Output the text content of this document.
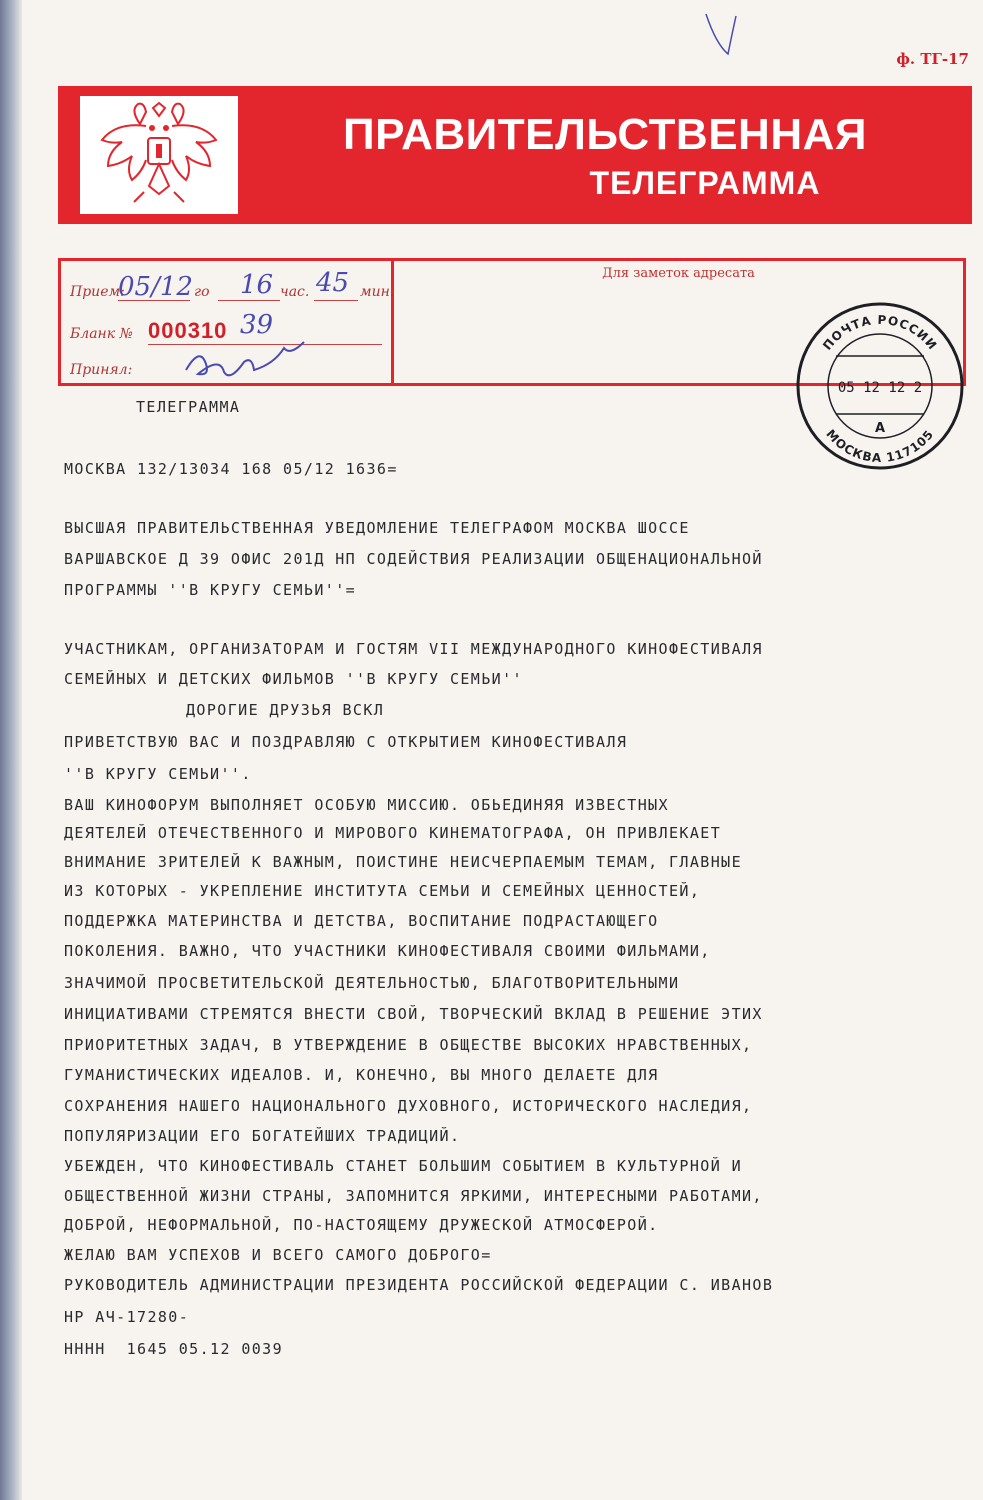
ф. ТГ-17
ПРАВИТЕЛЬСТВЕННАЯ
ТЕЛЕГРАММА
Прием:
05/12 го 16 час. 45 мин.
Бланк № 000310 39
Принял:
Для заметок адресата
ПОЧТА РОССИИ
МОСКВА 117105
05 12 12 2
А
ТЕЛЕГРАММА
МОСКВА 132/13034 168 05/12 1636=
ВЫСШАЯ ПРАВИТЕЛЬСТВЕННАЯ УВЕДОМЛЕНИЕ ТЕЛЕГРАФОМ МОСКВА ШОССЕ
ВАРШАВСКОЕ Д 39 ОФИС 201Д НП СОДЕЙСТВИЯ РЕАЛИЗАЦИИ ОБЩЕНАЦИОНАЛЬНОЙ
ПРОГРАММЫ ''В КРУГУ СЕМЬИ''=
УЧАСТНИКАМ, ОРГАНИЗАТОРАМ И ГОСТЯМ VII МЕЖДУНАРОДНОГО КИНОФЕСТИВАЛЯ
СЕМЕЙНЫХ И ДЕТСКИХ ФИЛЬМОВ ''В КРУГУ СЕМЬИ''
ДОРОГИЕ ДРУЗЬЯ ВСКЛ
ПРИВЕТСТВУЮ ВАС И ПОЗДРАВЛЯЮ С ОТКРЫТИЕМ КИНОФЕСТИВАЛЯ
''В КРУГУ СЕМЬИ''.
ВАШ КИНОФОРУМ ВЫПОЛНЯЕТ ОСОБУЮ МИССИЮ. ОБЬЕДИНЯЯ ИЗВЕСТНЫХ
ДЕЯТЕЛЕЙ ОТЕЧЕСТВЕННОГО И МИРОВОГО КИНЕМАТОГРАФА, ОН ПРИВЛЕКАЕТ
ВНИМАНИЕ ЗРИТЕЛЕЙ К ВАЖНЫМ, ПОИСТИНЕ НЕИСЧЕРПАЕМЫМ ТЕМАМ, ГЛАВНЫЕ
ИЗ КОТОРЫХ - УКРЕПЛЕНИЕ ИНСТИТУТА СЕМЬИ И СЕМЕЙНЫХ ЦЕННОСТЕЙ,
ПОДДЕРЖКА МАТЕРИНСТВА И ДЕТСТВА, ВОСПИТАНИЕ ПОДРАСТАЮЩЕГО
ПОКОЛЕНИЯ. ВАЖНО, ЧТО УЧАСТНИКИ КИНОФЕСТИВАЛЯ СВОИМИ ФИЛЬМАМИ,
ЗНАЧИМОЙ ПРОСВЕТИТЕЛЬСКОЙ ДЕЯТЕЛЬНОСТЬЮ, БЛАГОТВОРИТЕЛЬНЫМИ
ИНИЦИАТИВАМИ СТРЕМЯТСЯ ВНЕСТИ СВОЙ, ТВОРЧЕСКИЙ ВКЛАД В РЕШЕНИЕ ЭТИХ
ПРИОРИТЕТНЫХ ЗАДАЧ, В УТВЕРЖДЕНИЕ В ОБЩЕСТВЕ ВЫСОКИХ НРАВСТВЕННЫХ,
ГУМАНИСТИЧЕСКИХ ИДЕАЛОВ. И, КОНЕЧНО, ВЫ МНОГО ДЕЛАЕТЕ ДЛЯ
СОХРАНЕНИЯ НАШЕГО НАЦИОНАЛЬНОГО ДУХОВНОГО, ИСТОРИЧЕСКОГО НАСЛЕДИЯ,
ПОПУЛЯРИЗАЦИИ ЕГО БОГАТЕЙШИХ ТРАДИЦИЙ.
УБЕЖДЕН, ЧТО КИНОФЕСТИВАЛЬ СТАНЕТ БОЛЬШИМ СОБЫТИЕМ В КУЛЬТУРНОЙ И
ОБЩЕСТВЕННОЙ ЖИЗНИ СТРАНЫ, ЗАПОМНИТСЯ ЯРКИМИ, ИНТЕРЕСНЫМИ РАБОТАМИ,
ДОБРОЙ, НЕФОРМАЛЬНОЙ, ПО-НАСТОЯЩЕМУ ДРУЖЕСКОЙ АТМОСФЕРОЙ.
ЖЕЛАЮ ВАМ УСПЕХОВ И ВСЕГО САМОГО ДОБРОГО=
РУКОВОДИТЕЛЬ АДМИНИСТРАЦИИ ПРЕЗИДЕНТА РОССИЙСКОЙ ФЕДЕРАЦИИ С. ИВАНОВ
НР АЧ-17280-
НННН  1645 05.12 0039
